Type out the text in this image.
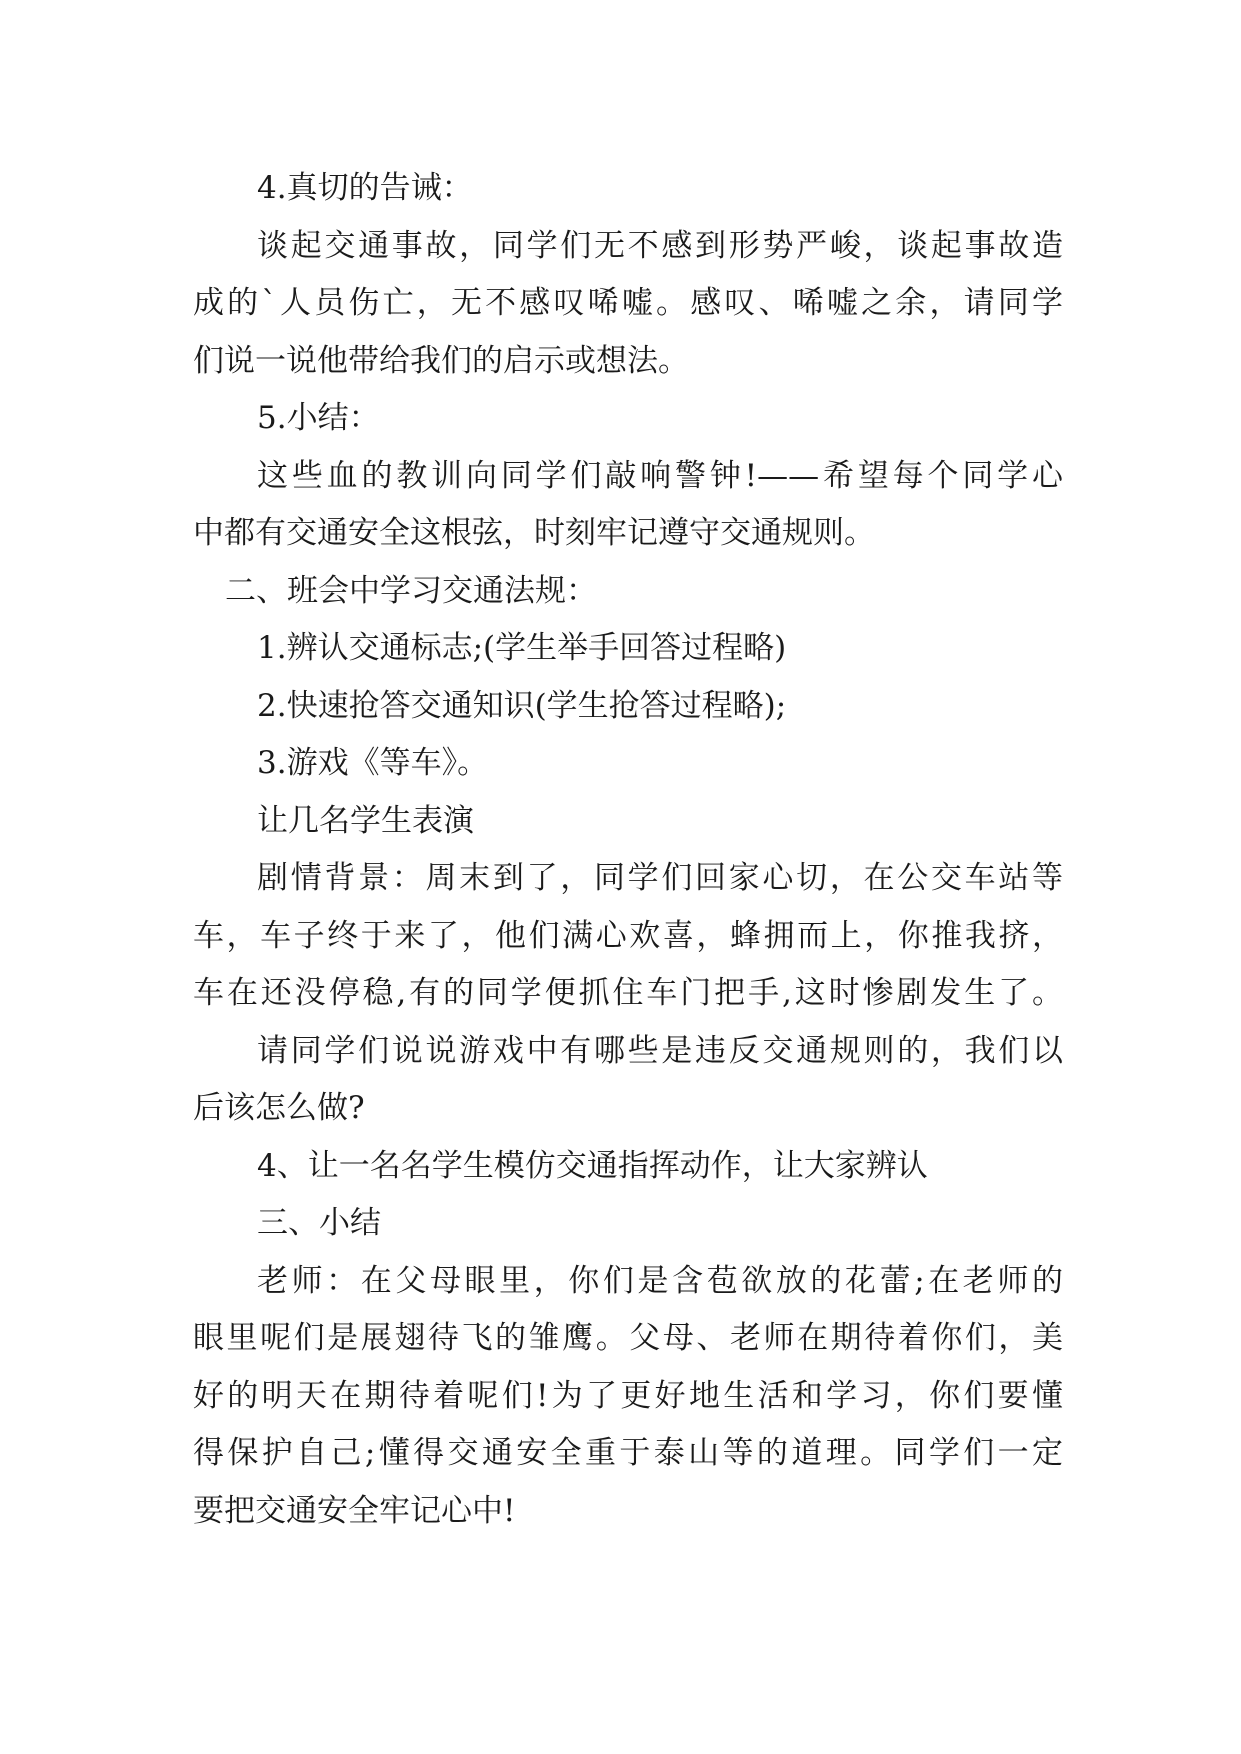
4.真切的告诫：
谈起交通事故，同学们无不感到形势严峻，谈起事故造
成的`人员伤亡，无不感叹唏嘘。感叹、唏嘘之余，请同学
们说一说他带给我们的启示或想法。
5.小结：
这些血的教训向同学们敲响警钟!——希望每个同学心
中都有交通安全这根弦，时刻牢记遵守交通规则。
二、班会中学习交通法规：
1.辨认交通标志;(学生举手回答过程略)
2.快速抢答交通知识(学生抢答过程略);
3.游戏《等车》。
让几名学生表演
剧情背景：周末到了，同学们回家心切，在公交车站等
车，车子终于来了，他们满心欢喜，蜂拥而上，你推我挤，
车在还没停稳,有的同学便抓住车门把手,这时惨剧发生了。
请同学们说说游戏中有哪些是违反交通规则的，我们以
后该怎么做?
4、让一名名学生模仿交通指挥动作，让大家辨认
三、小结
老师：在父母眼里，你们是含苞欲放的花蕾;在老师的
眼里呢们是展翅待飞的雏鹰。父母、老师在期待着你们，美
好的明天在期待着呢们!为了更好地生活和学习，你们要懂
得保护自己;懂得交通安全重于泰山等的道理。同学们一定
要把交通安全牢记心中!
